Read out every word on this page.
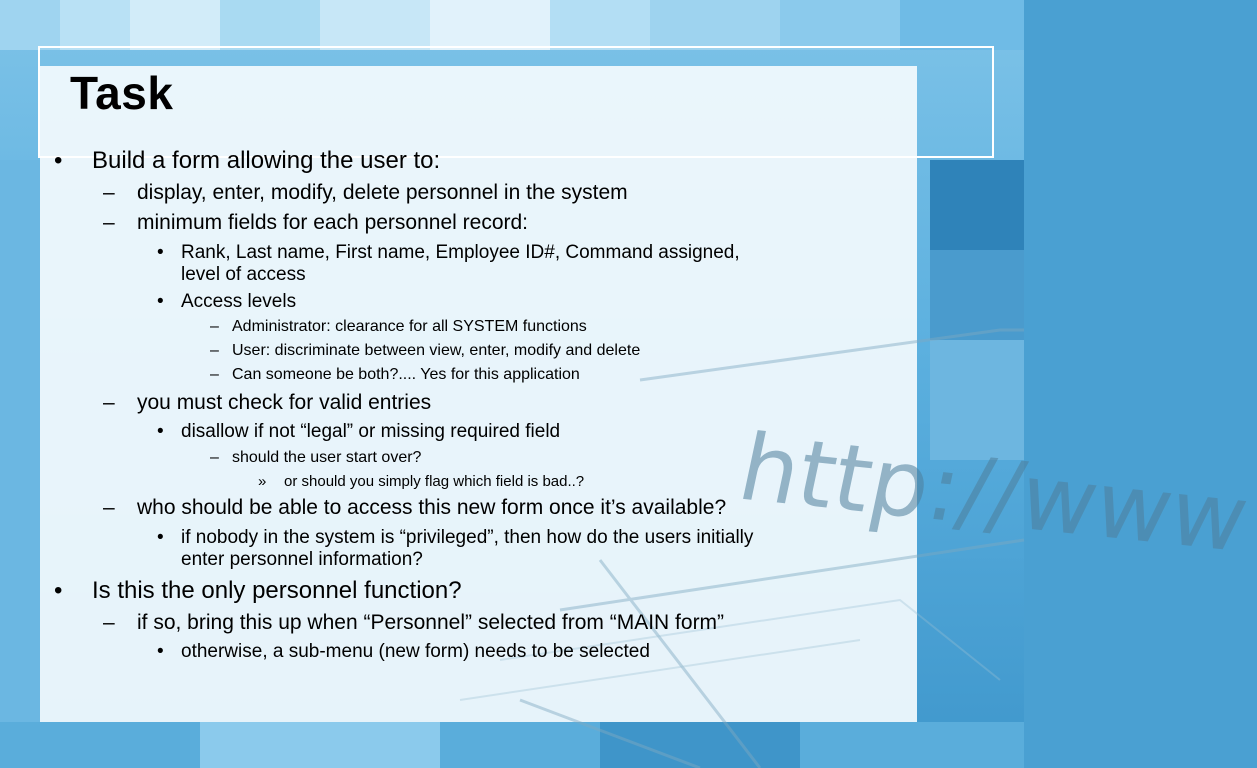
http://www
Task
• Build a form allowing the user to:
– display, enter, modify, delete personnel in the system
– minimum fields for each personnel record:
• Rank, Last name, First name, Employee ID#, Command assigned,
level of access
• Access levels
– Administrator: clearance for all SYSTEM functions
– User: discriminate between view, enter, modify and delete
– Can someone be both?.... Yes for this application
– you must check for valid entries
• disallow if not “legal” or missing required field
– should the user start over?
» or should you simply flag which field is bad..?
– who should be able to access this new form once it’s available?
• if nobody in the system is “privileged”, then how do the users initially
enter personnel information?
• Is this the only personnel function?
– if so, bring this up when “Personnel” selected from “MAIN form”
• otherwise, a sub-menu (new form) needs to be selected
